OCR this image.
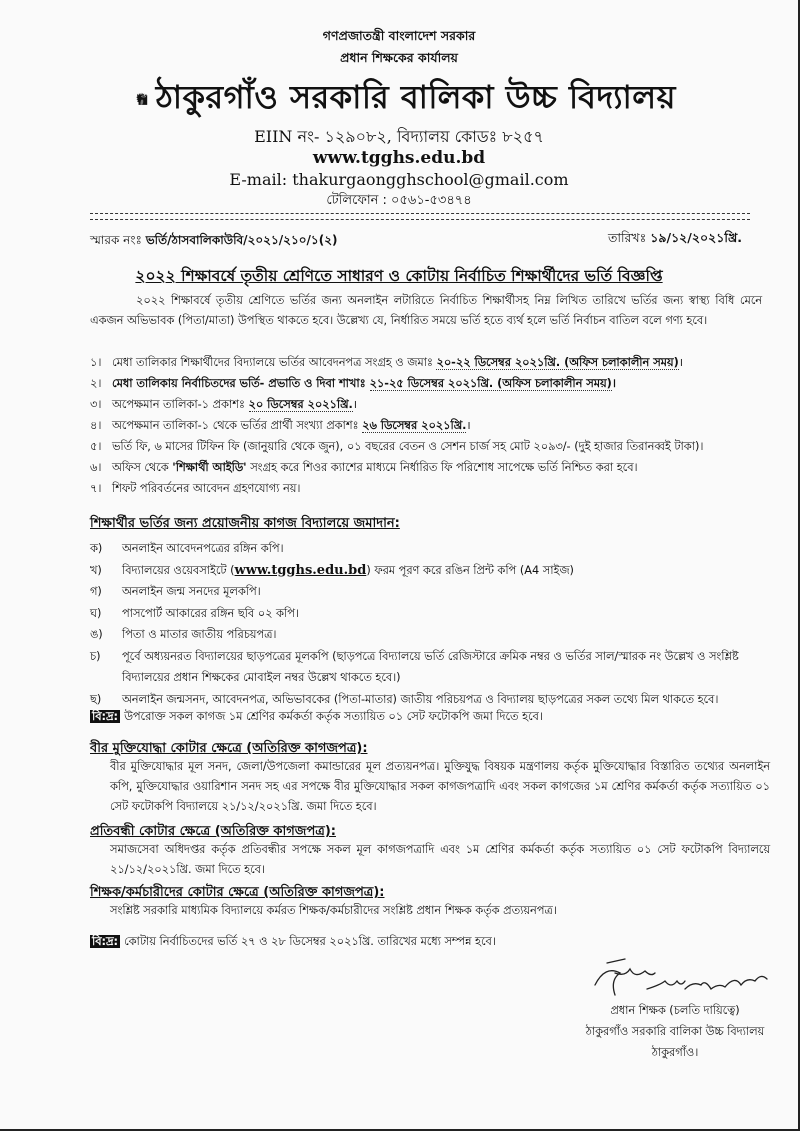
গণপ্রজাতন্ত্রী বাংলাদেশ সরকার
প্রধান শিক্ষকের কার্যালয়
ঠাকুরগাঁও সরকারি বালিকা উচ্চ বিদ্যালয়
EIIN নং- ১২৯০৮২, বিদ্যালয় কোডঃ ৮২৫৭
www.tgghs.edu.bd
E-mail: thakurgaongghschool@gmail.com
টেলিফোন : ০৫৬১-৫৩৪৭৪
স্মারক নংঃ ভর্তি/ঠাসবালিকাউবি/২০২১/২১০/১(২)	তারিখঃ ১৯/১২/২০২১খ্রি.
২০২২ শিক্ষাবর্ষে তৃতীয় শ্রেণিতে সাধারণ ও কোটায় নির্বাচিত শিক্ষার্থীদের ভর্তি বিজ্ঞপ্তি
২০২২ শিক্ষাবর্ষে তৃতীয় শ্রেণিতে ভর্তির জন্য অনলাইন লটারিতে নির্বাচিত শিক্ষার্থীসহ নিম্ন লিখিত তারিখে ভর্তির জন্য স্বাস্থ্য বিধি মেনে একজন অভিভাবক (পিতা/মাতা) উপস্থিত থাকতে হবে। উল্লেখ্য যে, নির্ধারিত সময়ে ভর্তি হতে ব্যর্থ হলে ভর্তি নির্বাচন বাতিল বলে গণ্য হবে।
১। মেধা তালিকার শিক্ষার্থীদের বিদ্যালয়ে ভর্তির আবেদনপত্র সংগ্রহ ও জমাঃ ২০-২২ ডিসেম্বর ২০২১খ্রি. (অফিস চলাকালীন সময়)।
২। মেধা তালিকায় নির্বাচিতদের ভর্তি- প্রভাতি ও দিবা শাখাঃ ২১-২৫ ডিসেম্বর ২০২১খ্রি. (অফিস চলাকালীন সময়)।
৩। অপেক্ষমান তালিকা-১ প্রকাশঃ ২০ ডিসেম্বর ২০২১খ্রি.।
৪। অপেক্ষমান তালিকা-১ থেকে ভর্তির প্রার্থী সংখ্যা প্রকাশঃ ২৬ ডিসেম্বর ২০২১খ্রি.।
৫। ভর্তি ফি, ৬ মাসের টিফিন ফি (জানুয়ারি থেকে জুন), ০১ বছরের বেতন ও সেশন চার্জ সহ মোট ২০৯৩/- (দুই হাজার তিরানব্বই টাকা)।
৬। অফিস থেকে 'শিক্ষার্থী আইডি' সংগ্রহ করে শিওর ক্যাশের মাধ্যমে নির্ধারিত ফি পরিশোধ সাপেক্ষে ভর্তি নিশ্চিত করা হবে।
৭। শিফট পরিবর্তনের আবেদন গ্রহণযোগ্য নয়।
শিক্ষার্থীর ভর্তির জন্য প্রয়োজনীয় কাগজ বিদ্যালয়ে জমাদান:
ক)	অনলাইন আবেদনপত্রের রঙ্গিন কপি।
খ)	বিদ্যালয়ের ওয়েবসাইটে (www.tgghs.edu.bd) ফরম পূরণ করে রঙিন প্রিন্ট কপি (A4 সাইজ)
গ)	অনলাইন জন্ম সনদের মূলকপি।
ঘ)	পাসপোর্ট আকারের রঙ্গিন ছবি ০২ কপি।
ঙ)	পিতা ও মাতার জাতীয় পরিচয়পত্র।
চ)	পূর্বে অধ্যয়নরত বিদ্যালয়ের ছাড়পত্রের মূলকপি (ছাড়পত্রে বিদ্যালয়ে ভর্তি রেজিস্টারে ক্রমিক নম্বর ও ভর্তির সাল/স্মারক নং উল্লেখ ও সংশ্লিষ্ট বিদ্যালয়ের প্রধান শিক্ষকের মোবাইল নম্বর উল্লেখ থাকতে হবে।)
ছ)	অনলাইন জন্মসনদ, আবেদনপত্র, অভিভাবকের (পিতা-মাতার) জাতীয় পরিচয়পত্র ও বিদ্যালয় ছাড়পত্রের সকল তথ্যে মিল থাকতে হবে।
বি:দ্র: উপরোক্ত সকল কাগজ ১ম শ্রেণির কর্মকর্তা কর্তৃক সত্যায়িত ০১ সেট ফটোকপি জমা দিতে হবে।
বীর মুক্তিযোদ্ধা কোটার ক্ষেত্রে (অতিরিক্ত কাগজপত্র):
বীর মুক্তিযোদ্ধার মূল সনদ, জেলা/উপজেলা কমান্ডারের মূল প্রত্যয়নপত্র। মুক্তিযুদ্ধ বিষয়ক মন্ত্রণালয় কর্তৃক মুক্তিযোদ্ধার বিস্তারিত তথ্যের অনলাইন কপি, মুক্তিযোদ্ধার ওয়ারিশান সনদ সহ এর সপক্ষে বীর মুক্তিযোদ্ধার সকল কাগজপত্রাদি এবং সকল কাগজের ১ম শ্রেণির কর্মকর্তা কর্তৃক সত্যায়িত ০১ সেট ফটোকপি বিদ্যালয়ে ২১/১২/২০২১খ্রি. জমা দিতে হবে।
প্রতিবন্ধী কোটার ক্ষেত্রে (অতিরিক্ত কাগজপত্র):
সমাজসেবা অধিদপ্তর কর্তৃক প্রতিবন্ধীর সপক্ষে সকল মূল কাগজপত্রাদি এবং ১ম শ্রেণির কর্মকর্তা কর্তৃক সত্যায়িত ০১ সেট ফটোকপি বিদ্যালয়ে ২১/১২/২০২১খ্রি. জমা দিতে হবে।
শিক্ষক/কর্মচারীদের কোটার ক্ষেত্রে (অতিরিক্ত কাগজপত্র):
সংশ্লিষ্ট সরকারি মাধ্যমিক বিদ্যালয়ে কর্মরত শিক্ষক/কর্মচারীদের সংশ্লিষ্ট প্রধান শিক্ষক কর্তৃক প্রত্যয়নপত্র।
বি:দ্র: কোটায় নির্বাচিতদের ভর্তি ২৭ ও ২৮ ডিসেম্বর ২০২১খ্রি. তারিখের মধ্যে সম্পন্ন হবে।
প্রধান শিক্ষক (চলতি দায়িত্বে)
ঠাকুরগাঁও সরকারি বালিকা উচ্চ বিদ্যালয়
ঠাকুরগাঁও।
